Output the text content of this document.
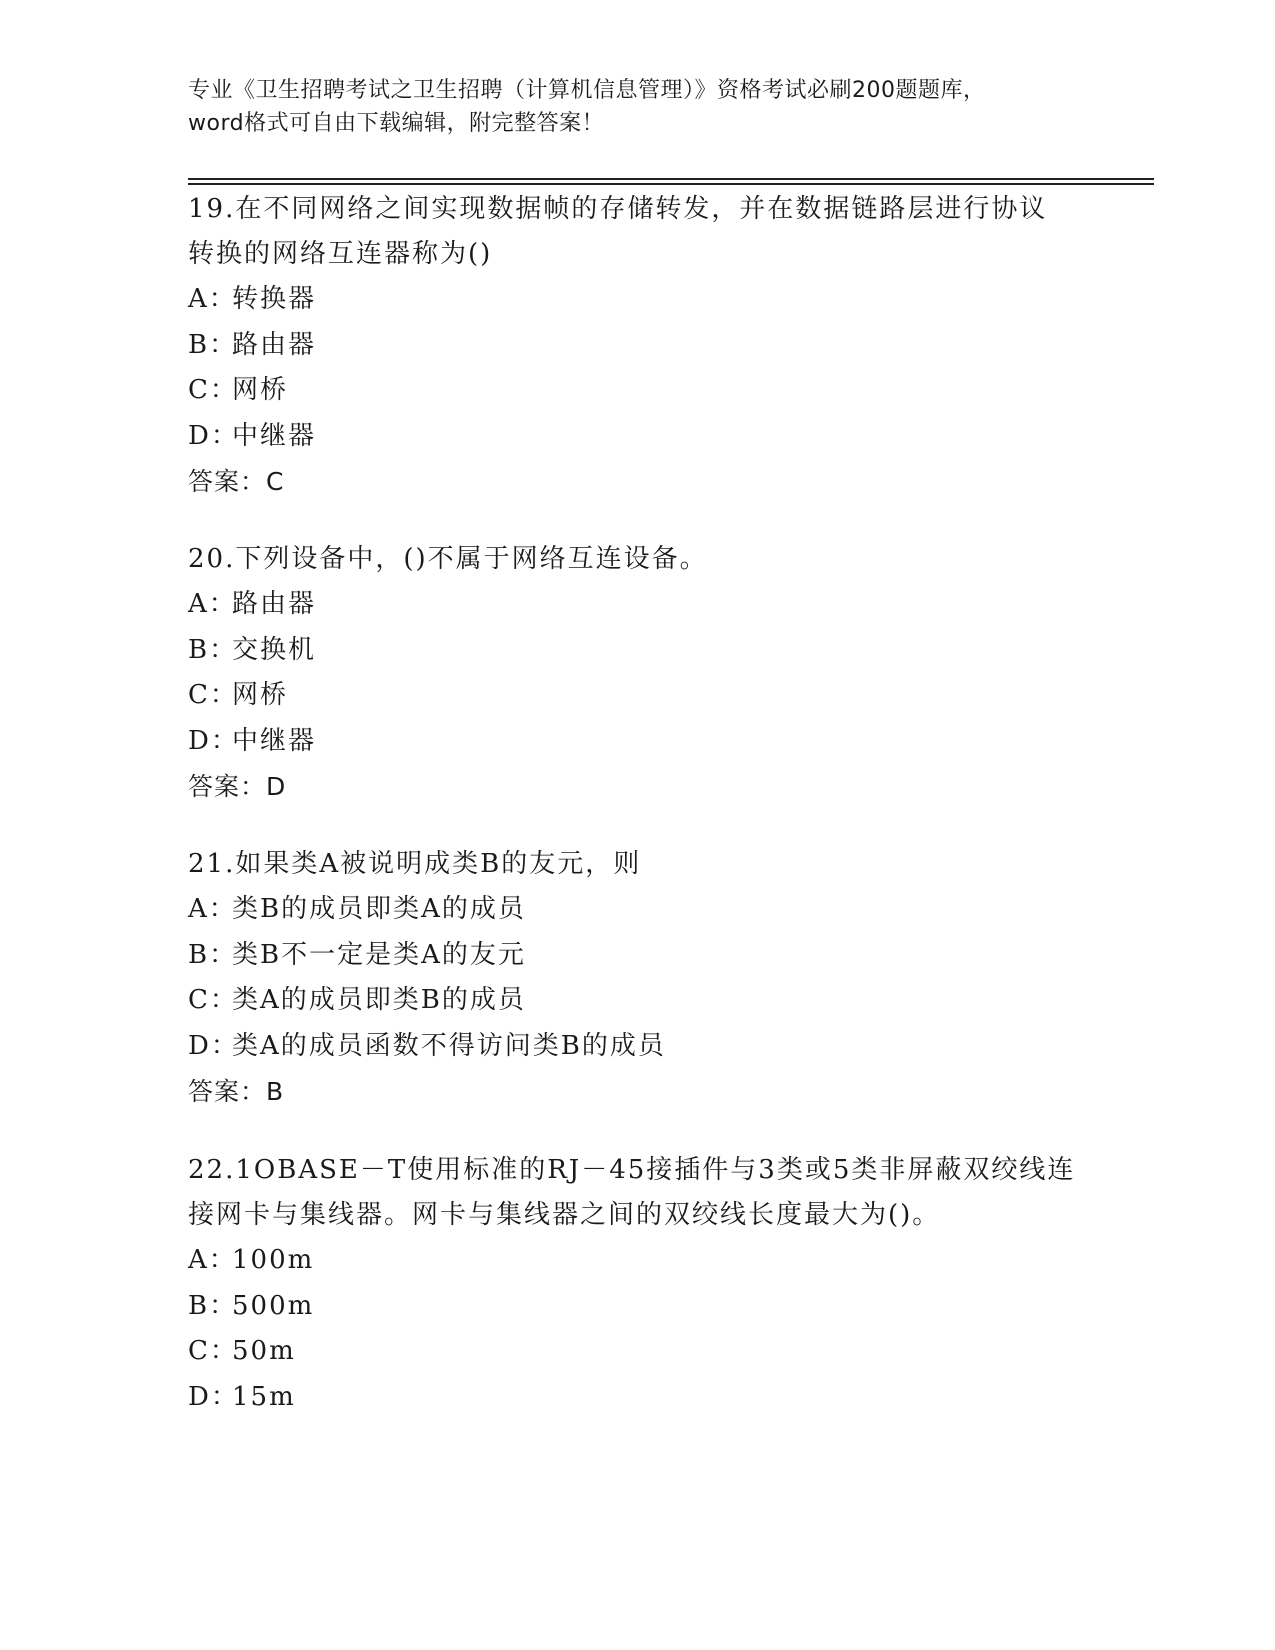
专业《卫生招聘考试之卫生招聘（计算机信息管理）》资格考试必刷200题题库，
word格式可自由下载编辑，附完整答案！
19.在不同网络之间实现数据帧的存储转发，并在数据链路层进行协议
转换的网络互连器称为()
A：转换器
B：路由器
C：网桥
D：中继器
答案：C
20.下列设备中，()不属于网络互连设备。
A：路由器
B：交换机
C：网桥
D：中继器
答案：D
21.如果类A被说明成类B的友元，则
A：类B的成员即类A的成员
B：类B不一定是类A的友元
C：类A的成员即类B的成员
D：类A的成员函数不得访问类B的成员
答案：B
22.1OBASE－T使用标准的RJ－45接插件与3类或5类非屏蔽双绞线连
接网卡与集线器。网卡与集线器之间的双绞线长度最大为()。
A：100m
B：500m
C：50m
D：15m
